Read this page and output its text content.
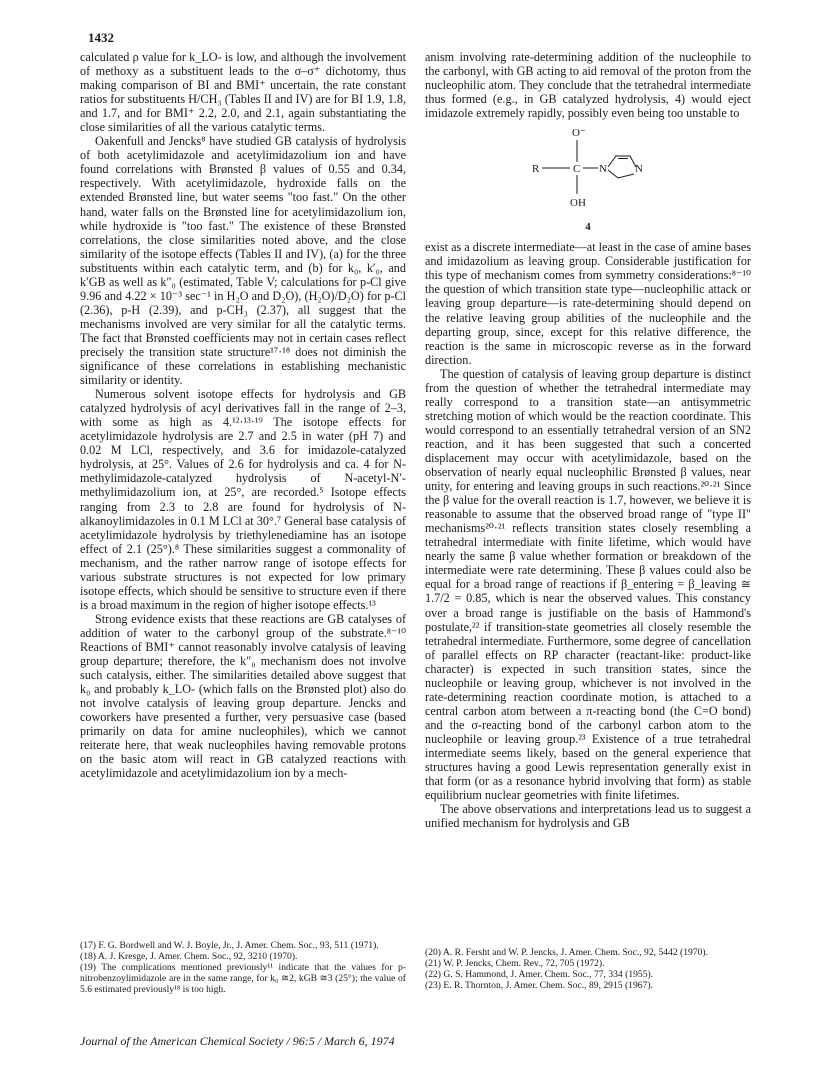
1432

calculated ρ value for k_LO- is low, and although the involvement of methoxy as a substituent leads to the σ–σ⁺ dichotomy, thus making comparison of BI and BMI⁺ uncertain, the rate constant ratios for substituents H/CH₃ (Tables II and IV) are for BI 1.9, 1.8, and 1.7, and for BMI⁺ 2.2, 2.0, and 2.1, again substantiating the close similarities of all the various catalytic terms.

Oakenfull and Jencks⁸ have studied GB catalysis of hydrolysis of both acetylimidazole and acetylimidazolium ion and have found correlations with Brønsted β values of 0.55 and 0.34, respectively. With acetylimidazole, hydroxide falls on the extended Brønsted line, but water seems "too fast." On the other hand, water falls on the Brønsted line for acetylimidazolium ion, while hydroxide is "too fast." The existence of these Brønsted correlations, the close similarities noted above, and the close similarity of the isotope effects (Tables II and IV), (a) for the three substituents within each catalytic term, and (b) for k₀, k′₀, and k′GB as well as k″₀ (estimated, Table V; calculations for p-Cl give 9.96 and 4.22 × 10⁻³ sec⁻¹ in H₂O and D₂O), (H₂O)/D₂O) for p-Cl (2.36), p-H (2.39), and p-CH₃ (2.37), all suggest that the mechanisms involved are very similar for all the catalytic terms. The fact that Brønsted coefficients may not in certain cases reflect precisely the transition state structure¹⁷·¹⁸ does not diminish the significance of these correlations in establishing mechanistic similarity or identity.

Numerous solvent isotope effects for hydrolysis and GB catalyzed hydrolysis of acyl derivatives fall in the range of 2–3, with some as high as 4.¹²·¹³·¹⁹ The isotope effects for acetylimidazole hydrolysis are 2.7 and 2.5 in water (pH 7) and 0.02 M LCl, respectively, and 3.6 for imidazole-catalyzed hydrolysis, at 25°. Values of 2.6 for hydrolysis and ca. 4 for N-methylimidazole-catalyzed hydrolysis of N-acetyl-N′-methylimidazolium ion, at 25°, are recorded.⁵ Isotope effects ranging from 2.3 to 2.8 are found for hydrolysis of N-alkanoylimidazoles in 0.1 M LCl at 30°.⁷ General base catalysis of acetylimidazole hydrolysis by triethylenediamine has an isotope effect of 2.1 (25°).⁸ These similarities suggest a commonality of mechanism, and the rather narrow range of isotope effects for various substrate structures is not expected for low primary isotope effects, which should be sensitive to structure even if there is a broad maximum in the region of higher isotope effects.¹³

Strong evidence exists that these reactions are GB catalyses of addition of water to the carbonyl group of the substrate.⁸⁻¹⁰ Reactions of BMI⁺ cannot reasonably involve catalysis of leaving group departure; therefore, the k″₀ mechanism does not involve such catalysis, either. The similarities detailed above suggest that k₀ and probably k_LO- (which falls on the Brønsted plot) also do not involve catalysis of leaving group departure. Jencks and coworkers have presented a further, very persuasive case (based primarily on data for amine nucleophiles), which we cannot reiterate here, that weak nucleophiles having removable protons on the basic atom will react in GB catalyzed reactions with acetylimidazole and acetylimidazolium ion by a mech-

anism involving rate-determining addition of the nucleophile to the carbonyl, with GB acting to aid removal of the proton from the nucleophilic atom. They conclude that the tetrahedral intermediate thus formed (e.g., in GB catalyzed hydrolysis, 4) would eject imidazole extremely rapidly, possibly even being too unstable to

O⁻
R	C N	N
OH
4

exist as a discrete intermediate—at least in the case of amine bases and imidazolium as leaving group. Considerable justification for this type of mechanism comes from symmetry considerations:⁸⁻¹⁰ the question of which transition state type—nucleophilic attack or leaving group departure—is rate-determining should depend on the relative leaving group abilities of the nucleophile and the departing group, since, except for this relative difference, the reaction is the same in microscopic reverse as in the forward direction.

The question of catalysis of leaving group departure is distinct from the question of whether the tetrahedral intermediate may really correspond to a transition state—an antisymmetric stretching motion of which would be the reaction coordinate. This would correspond to an essentially tetrahedral version of an SN2 reaction, and it has been suggested that such a concerted displacement may occur with acetylimidazole, based on the observation of nearly equal nucleophilic Brønsted β values, near unity, for entering and leaving groups in such reactions.²⁰·²¹ Since the β value for the overall reaction is 1.7, however, we believe it is reasonable to assume that the observed broad range of "type II" mechanisms²⁰·²¹ reflects transition states closely resembling a tetrahedral intermediate with finite lifetime, which would have nearly the same β value whether formation or breakdown of the intermediate were rate determining. These β values could also be equal for a broad range of reactions if β_entering = β_leaving ≅ 1.7/2 = 0.85, which is near the observed values. This constancy over a broad range is justifiable on the basis of Hammond's postulate,²² if transition-state geometries all closely resemble the tetrahedral intermediate. Furthermore, some degree of cancellation of parallel effects on RP character (reactant-like: product-like character) is expected in such transition states, since the nucleophile or leaving group, whichever is not involved in the rate-determining reaction coordinate motion, is attached to a central carbon atom between a π-reacting bond (the C=O bond) and the σ-reacting bond of the carbonyl carbon atom to the nucleophile or leaving group.²³ Existence of a true tetrahedral intermediate seems likely, based on the general experience that structures having a good Lewis representation generally exist in that form (or as a resonance hybrid involving that form) as stable equilibrium nuclear geometries with finite lifetimes.

The above observations and interpretations lead us to suggest a unified mechanism for hydrolysis and GB

(17) F. G. Bordwell and W. J. Boyle, Jr., J. Amer. Chem. Soc., 93, 511 (1971).
(18) A. J. Kresge, J. Amer. Chem. Soc., 92, 3210 (1970).
(19) The complications mentioned previously¹¹ indicate that the values for p-nitrobenzoylimidazole are in the same range, for k₀ ≅2, kGB ≅3 (25°); the value of 5.6 estimated previously¹⁸ is too high.
(20) A. R. Fersht and W. P. Jencks, J. Amer. Chem. Soc., 92, 5442 (1970).
(21) W. P. Jencks, Chem. Rev., 72, 705 (1972).
(22) G. S. Hammond, J. Amer. Chem. Soc., 77, 334 (1955).
(23) E. R. Thornton, J. Amer. Chem. Soc., 89, 2915 (1967).
Journal of the American Chemical Society / 96:5 / March 6, 1974
